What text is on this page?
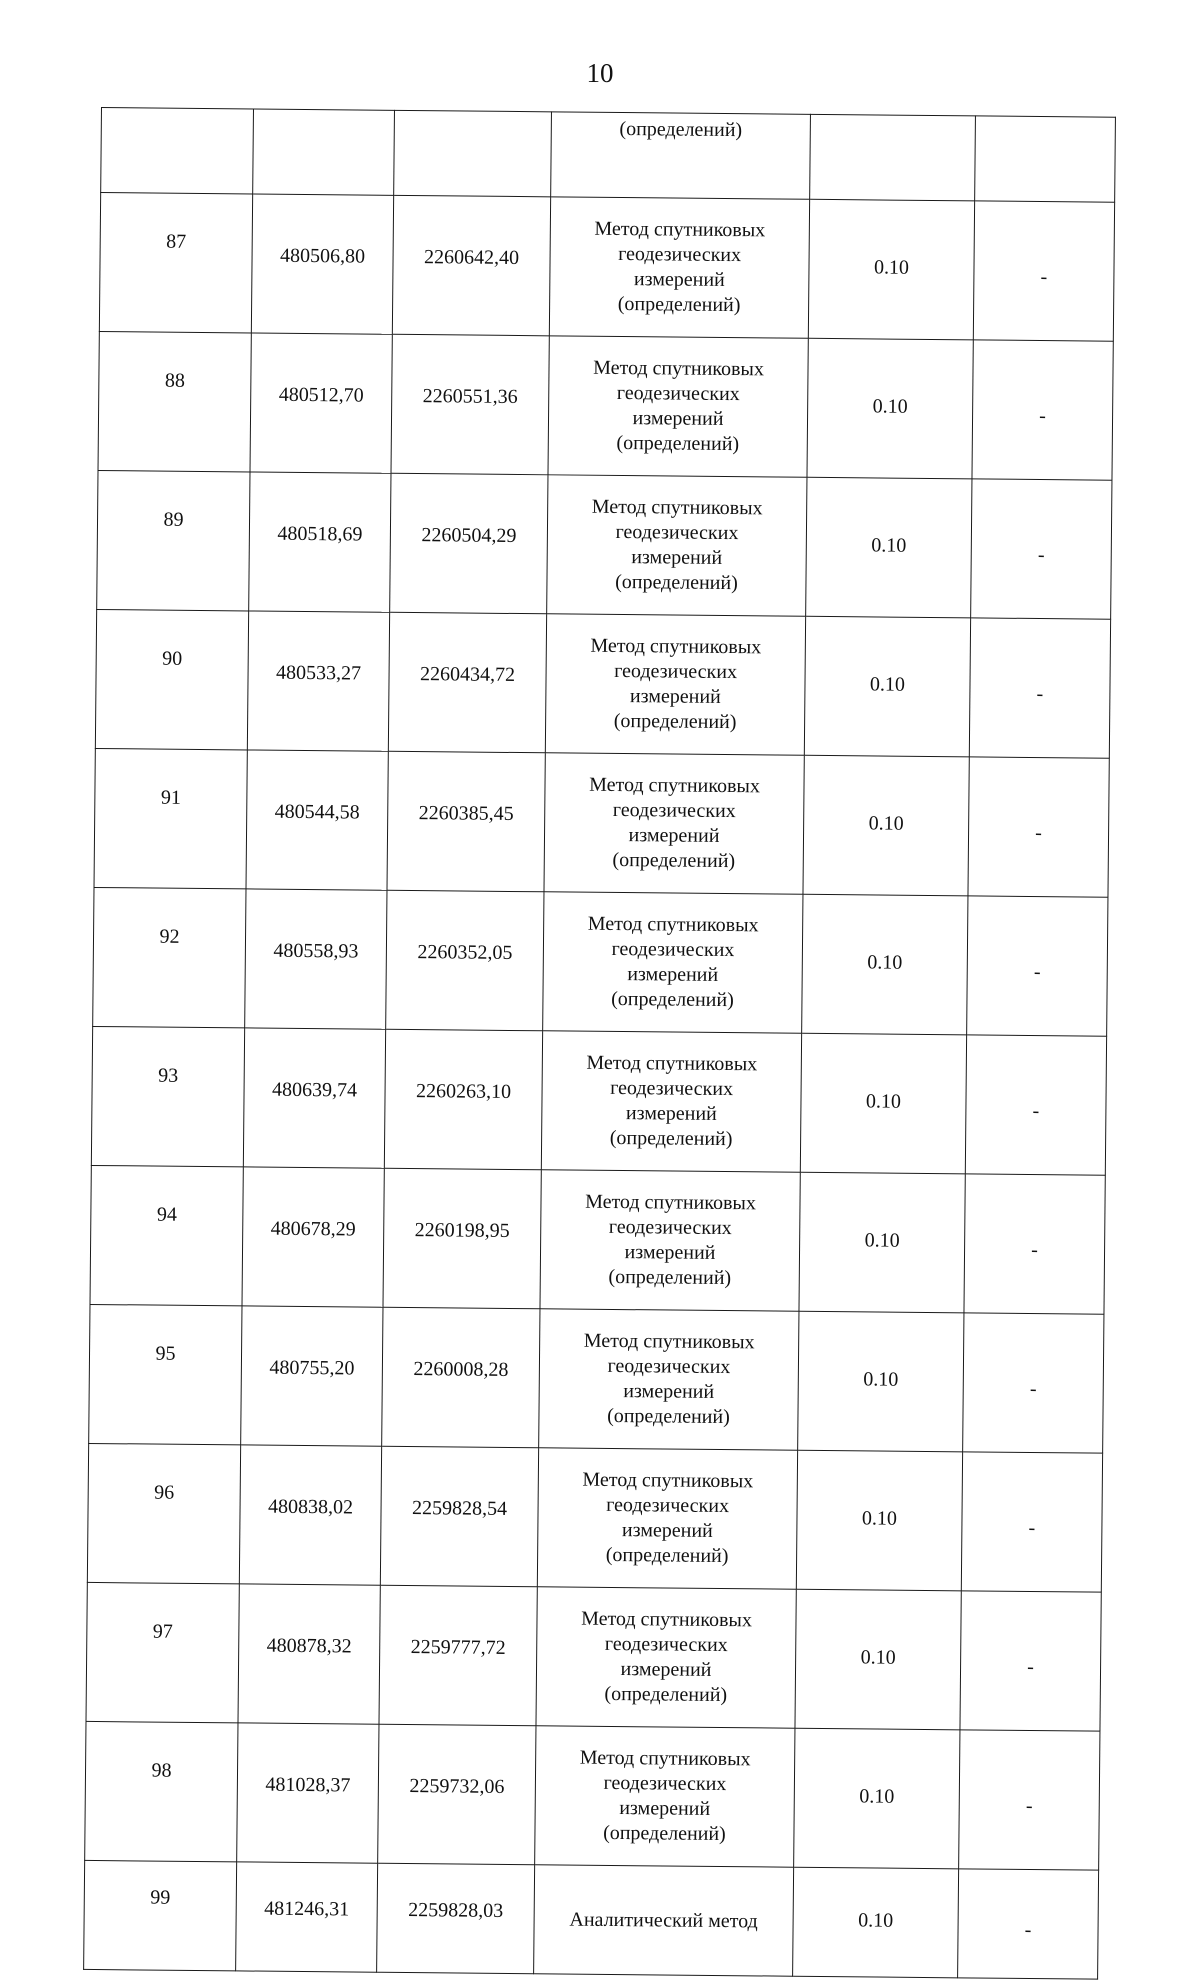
10
			(определений)		
87	480506,80	2260642,40	Метод спутниковых
геодезических
измерений
(определений)	0.10	-
88	480512,70	2260551,36	Метод спутниковых
геодезических
измерений
(определений)	0.10	-
89	480518,69	2260504,29	Метод спутниковых
геодезических
измерений
(определений)	0.10	-
90	480533,27	2260434,72	Метод спутниковых
геодезических
измерений
(определений)	0.10	-
91	480544,58	2260385,45	Метод спутниковых
геодезических
измерений
(определений)	0.10	-
92	480558,93	2260352,05	Метод спутниковых
геодезических
измерений
(определений)	0.10	-
93	480639,74	2260263,10	Метод спутниковых
геодезических
измерений
(определений)	0.10	-
94	480678,29	2260198,95	Метод спутниковых
геодезических
измерений
(определений)	0.10	-
95	480755,20	2260008,28	Метод спутниковых
геодезических
измерений
(определений)	0.10	-
96	480838,02	2259828,54	Метод спутниковых
геодезических
измерений
(определений)	0.10	-
97	480878,32	2259777,72	Метод спутниковых
геодезических
измерений
(определений)	0.10	-
98	481028,37	2259732,06	Метод спутниковых
геодезических
измерений
(определений)	0.10	-
99	481246,31	2259828,03	Аналитический метод	0.10	-
